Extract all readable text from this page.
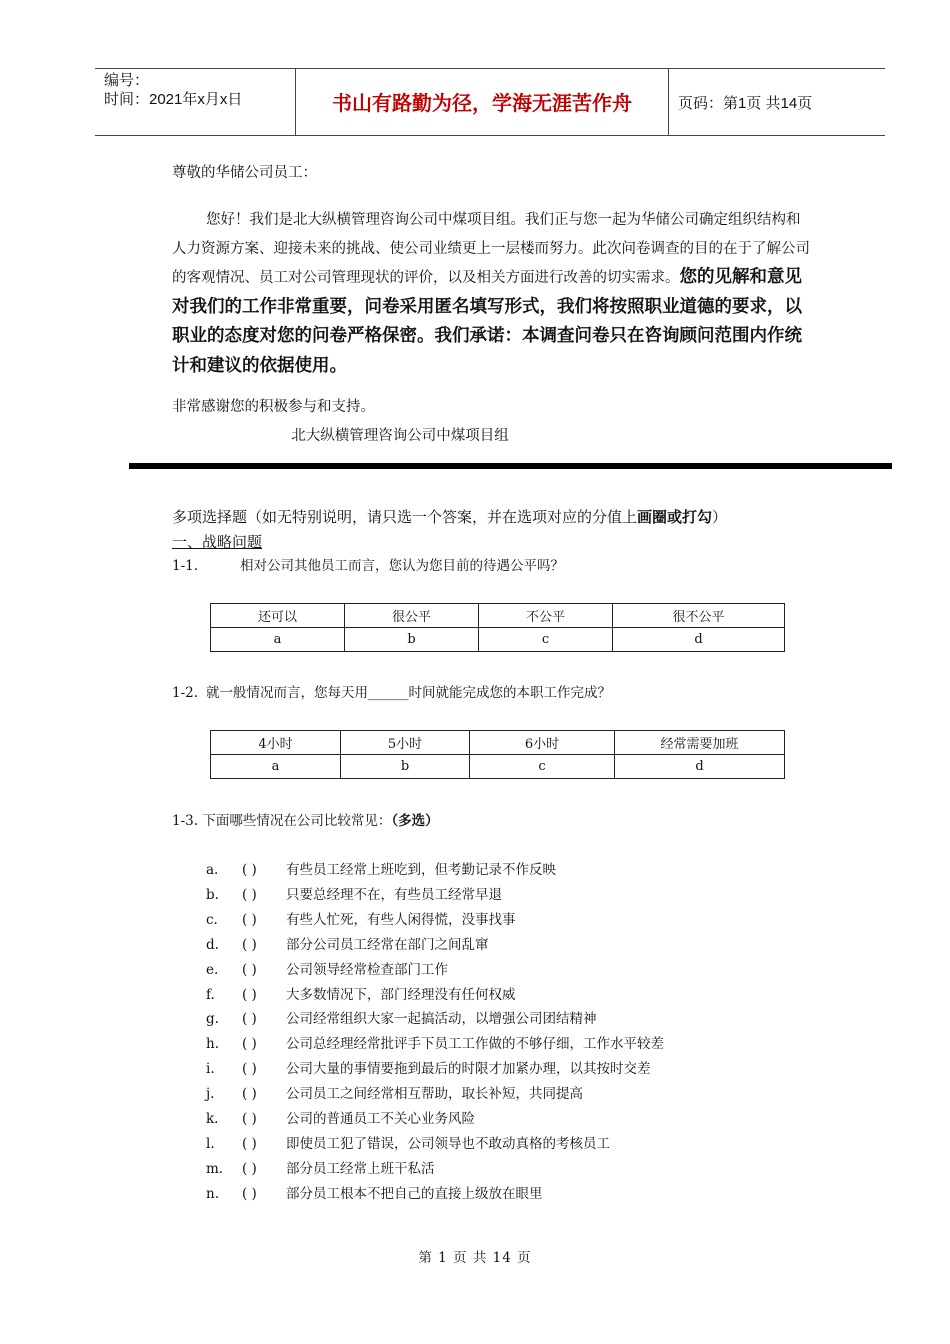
编号：
时间：2021年x月x日	书山有路勤为径，学海无涯苦作舟	页码：第1页 共14页
尊敬的华储公司员工：

您好！我们是北大纵横管理咨询公司中煤项目组。我们正与您一起为华储公司确定组织结构和人力资源方案、迎接未来的挑战、使公司业绩更上一层楼而努力。此次问卷调查的目的在于了解公司的客观情况、员工对公司管理现状的评价，以及相关方面进行改善的切实需求。您的见解和意见对我们的工作非常重要，问卷采用匿名填写形式，我们将按照职业道德的要求，以职业的态度对您的问卷严格保密。我们承诺：本调查问卷只在咨询顾问范围内作统计和建议的依据使用。

非常感谢您的积极参与和支持。
北大纵横管理咨询公司中煤项目组
多项选择题（如无特别说明，请只选一个答案，并在选项对应的分值上画圈或打勾）
一、战略问题
1-1.	相对公司其他员工而言，您认为您目前的待遇公平吗？
还可以	很公平	不公平	很不公平
a	b	c	d
1-2. 就一般情况而言，您每天用______时间就能完成您的本职工作完成？
4小时	5小时	6小时	经常需要加班
a	b	c	d
1-3. 下面哪些情况在公司比较常见：（多选）
a. ( ) 有些员工经常上班吃到，但考勤记录不作反映
b. ( ) 只要总经理不在，有些员工经常早退
c. ( ) 有些人忙死，有些人闲得慌，没事找事
d. ( ) 部分公司员工经常在部门之间乱窜
e. ( ) 公司领导经常检查部门工作
f. ( ) 大多数情况下，部门经理没有任何权威
g. ( ) 公司经常组织大家一起搞活动，以增强公司团结精神
h. ( ) 公司总经理经常批评手下员工工作做的不够仔细，工作水平较差
i. ( ) 公司大量的事情要拖到最后的时限才加紧办理，以其按时交差
j. ( ) 公司员工之间经常相互帮助，取长补短，共同提高
k. ( ) 公司的普通员工不关心业务风险
l. ( ) 即使员工犯了错误，公司领导也不敢动真格的考核员工
m. ( ) 部分员工经常上班干私活
n. ( ) 部分员工根本不把自己的直接上级放在眼里
第 1 页 共 14 页
